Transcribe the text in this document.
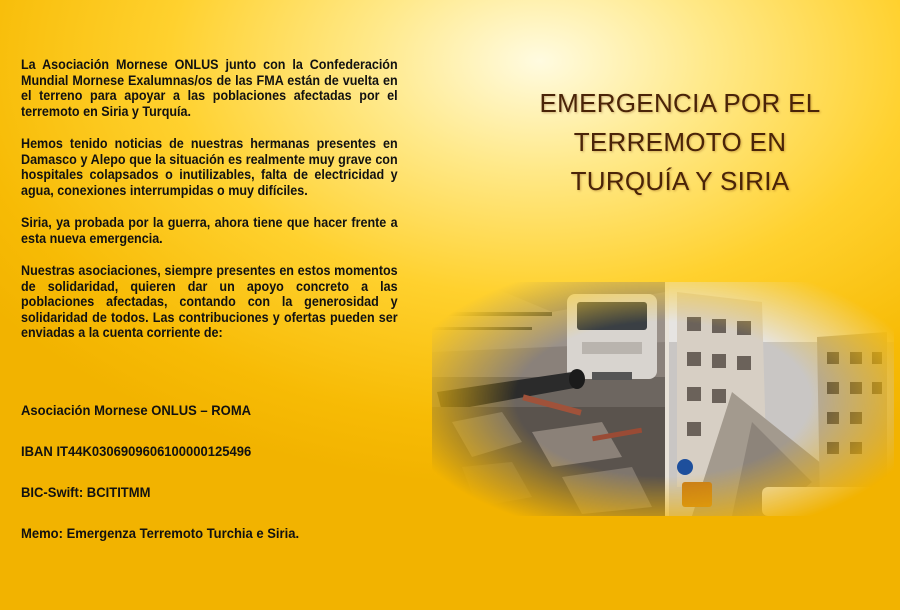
La Asociación Mornese ONLUS junto con la Confederación Mundial Mornese Exalumnas/os de las FMA están de vuelta en el terreno para apoyar a las poblaciones afectadas por el terremoto en Siria y Turquía.

Hemos tenido noticias de nuestras hermanas presentes en Damasco y Alepo que la situación es realmente muy grave con hospitales colapsados o inutilizables, falta de electricidad y agua, conexiones interrumpidas o muy difíciles.

Siria, ya probada por la guerra, ahora tiene que hacer frente a esta nueva emergencia.

Nuestras asociaciones, siempre presentes en estos momentos de solidaridad, quieren dar un apoyo concreto a las poblaciones afectadas, contando con la generosidad y solidaridad de todos. Las contribuciones y ofertas pueden ser enviadas a la cuenta corriente de:

Asociación Mornese ONLUS – ROMA
IBAN IT44K0306909606100000125496
BIC-Swift: BCITITMM
Memo: Emergenza Terremoto Turchia e Siria.
EMERGENCIA POR EL
TERREMOTO EN
TURQUÍA Y SIRIA
